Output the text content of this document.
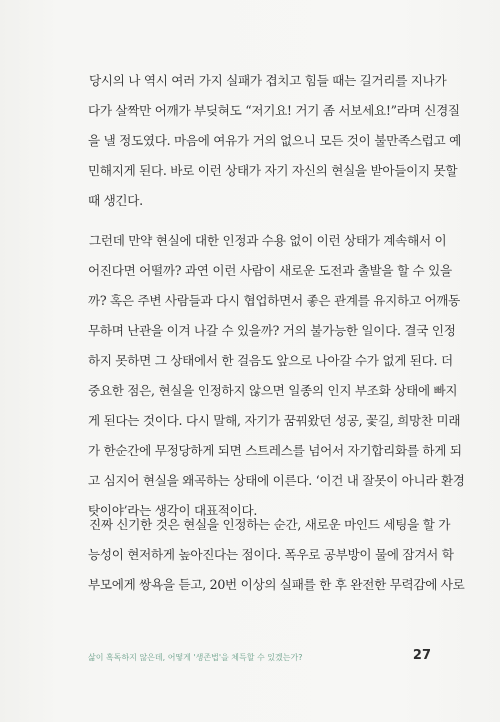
당시의 나 역시 여러 가지 실패가 겹치고 힘들 때는 길거리를 지나가
다가 살짝만 어깨가 부딪혀도 “저기요! 거기 좀 서보세요!”라며 신경질
을 낼 정도였다. 마음에 여유가 거의 없으니 모든 것이 불만족스럽고 예
민해지게 된다. 바로 이런 상태가 자기 자신의 현실을 받아들이지 못할
때 생긴다.
그런데 만약 현실에 대한 인정과 수용 없이 이런 상태가 계속해서 이
어진다면 어떨까? 과연 이런 사람이 새로운 도전과 출발을 할 수 있을
까? 혹은 주변 사람들과 다시 협업하면서 좋은 관계를 유지하고 어깨동
무하며 난관을 이겨 나갈 수 있을까? 거의 불가능한 일이다. 결국 인정
하지 못하면 그 상태에서 한 걸음도 앞으로 나아갈 수가 없게 된다. 더
중요한 점은, 현실을 인정하지 않으면 일종의 인지 부조화 상태에 빠지
게 된다는 것이다. 다시 말해, 자기가 꿈꿔왔던 성공, 꽃길, 희망찬 미래
가 한순간에 무정당하게 되면 스트레스를 넘어서 자기합리화를 하게 되
고 심지어 현실을 왜곡하는 상태에 이른다. ‘이건 내 잘못이 아니라 환경
탓이야’라는 생각이 대표적이다.
진짜 신기한 것은 현실을 인정하는 순간, 새로운 마인드 세팅을 할 가
능성이 현저하게 높아진다는 점이다. 폭우로 공부방이 물에 잠겨서 학
부모에게 쌍욕을 듣고, 20번 이상의 실패를 한 후 완전한 무력감에 사로
삶이 혹독하지 않은데, 어떻게 '생존법'을 체득할 수 있겠는가?	27
